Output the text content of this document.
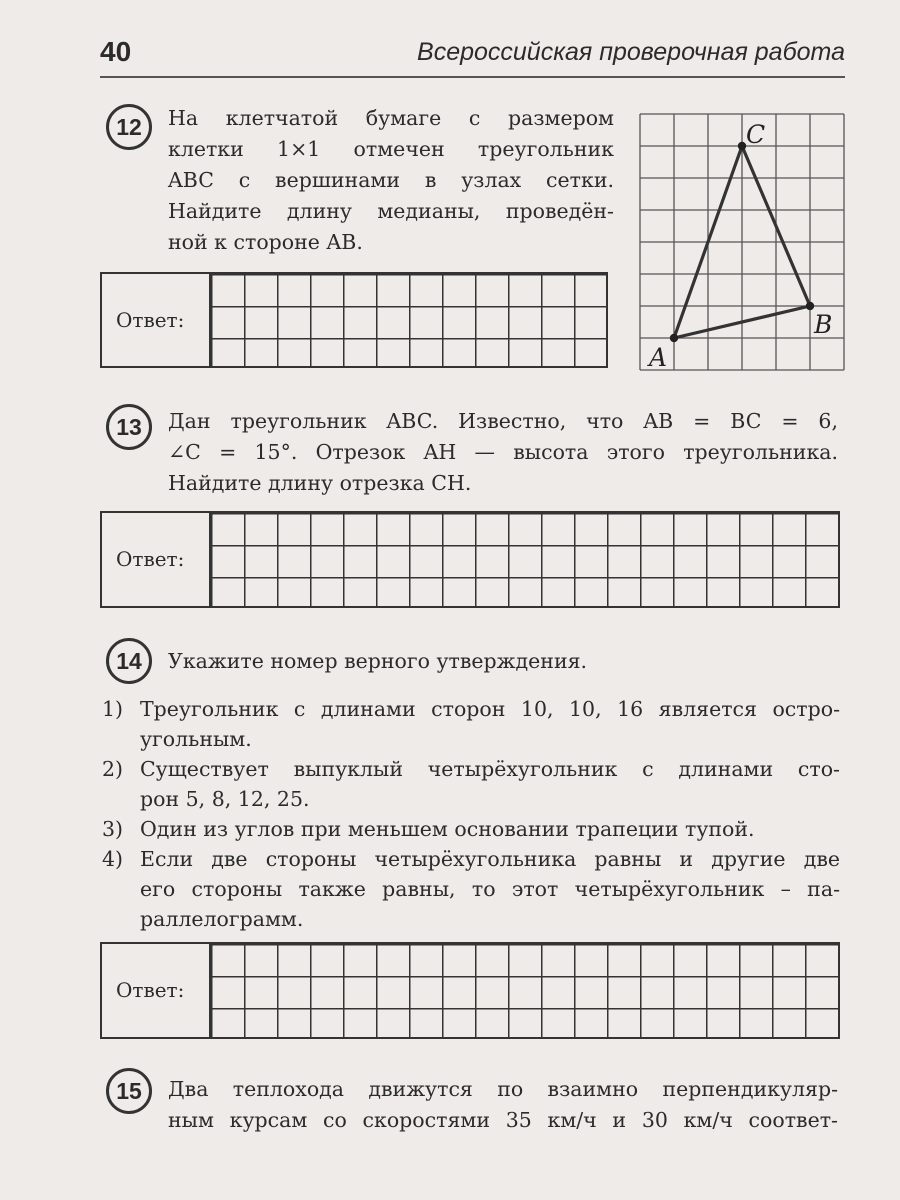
40	Всероссийская проверочная работа
12	На клетчатой бумаге с размером

клетки 1×1 отмечен треугольник

ABC с вершинами в узлах сетки.

Найдите длину медианы, проведён-

ной к стороне AB.

Ответ:
C
B
A
13	Дан треугольник ABC. Известно, что AB = BC = 6,

∠C = 15°. Отрезок AH — высота этого треугольника.

Найдите длину отрезка CH.

Ответ:
14	Укажите номер верного утверждения.
1) Треугольник с длинами сторон 10, 10, 16 является остро-
угольным.
2) Существует выпуклый четырёхугольник с длинами сто-
рон 5, 8, 12, 25.
3) Один из углов при меньшем основании трапеции тупой.
4) Если две стороны четырёхугольника равны и другие две
его стороны также равны, то этот четырёхугольник – па-
раллелограмм.
Ответ:
15	Два теплохода движутся по взаимно перпендикуляр-

ным курсам со скоростями 35 км/ч и 30 км/ч соответ-
